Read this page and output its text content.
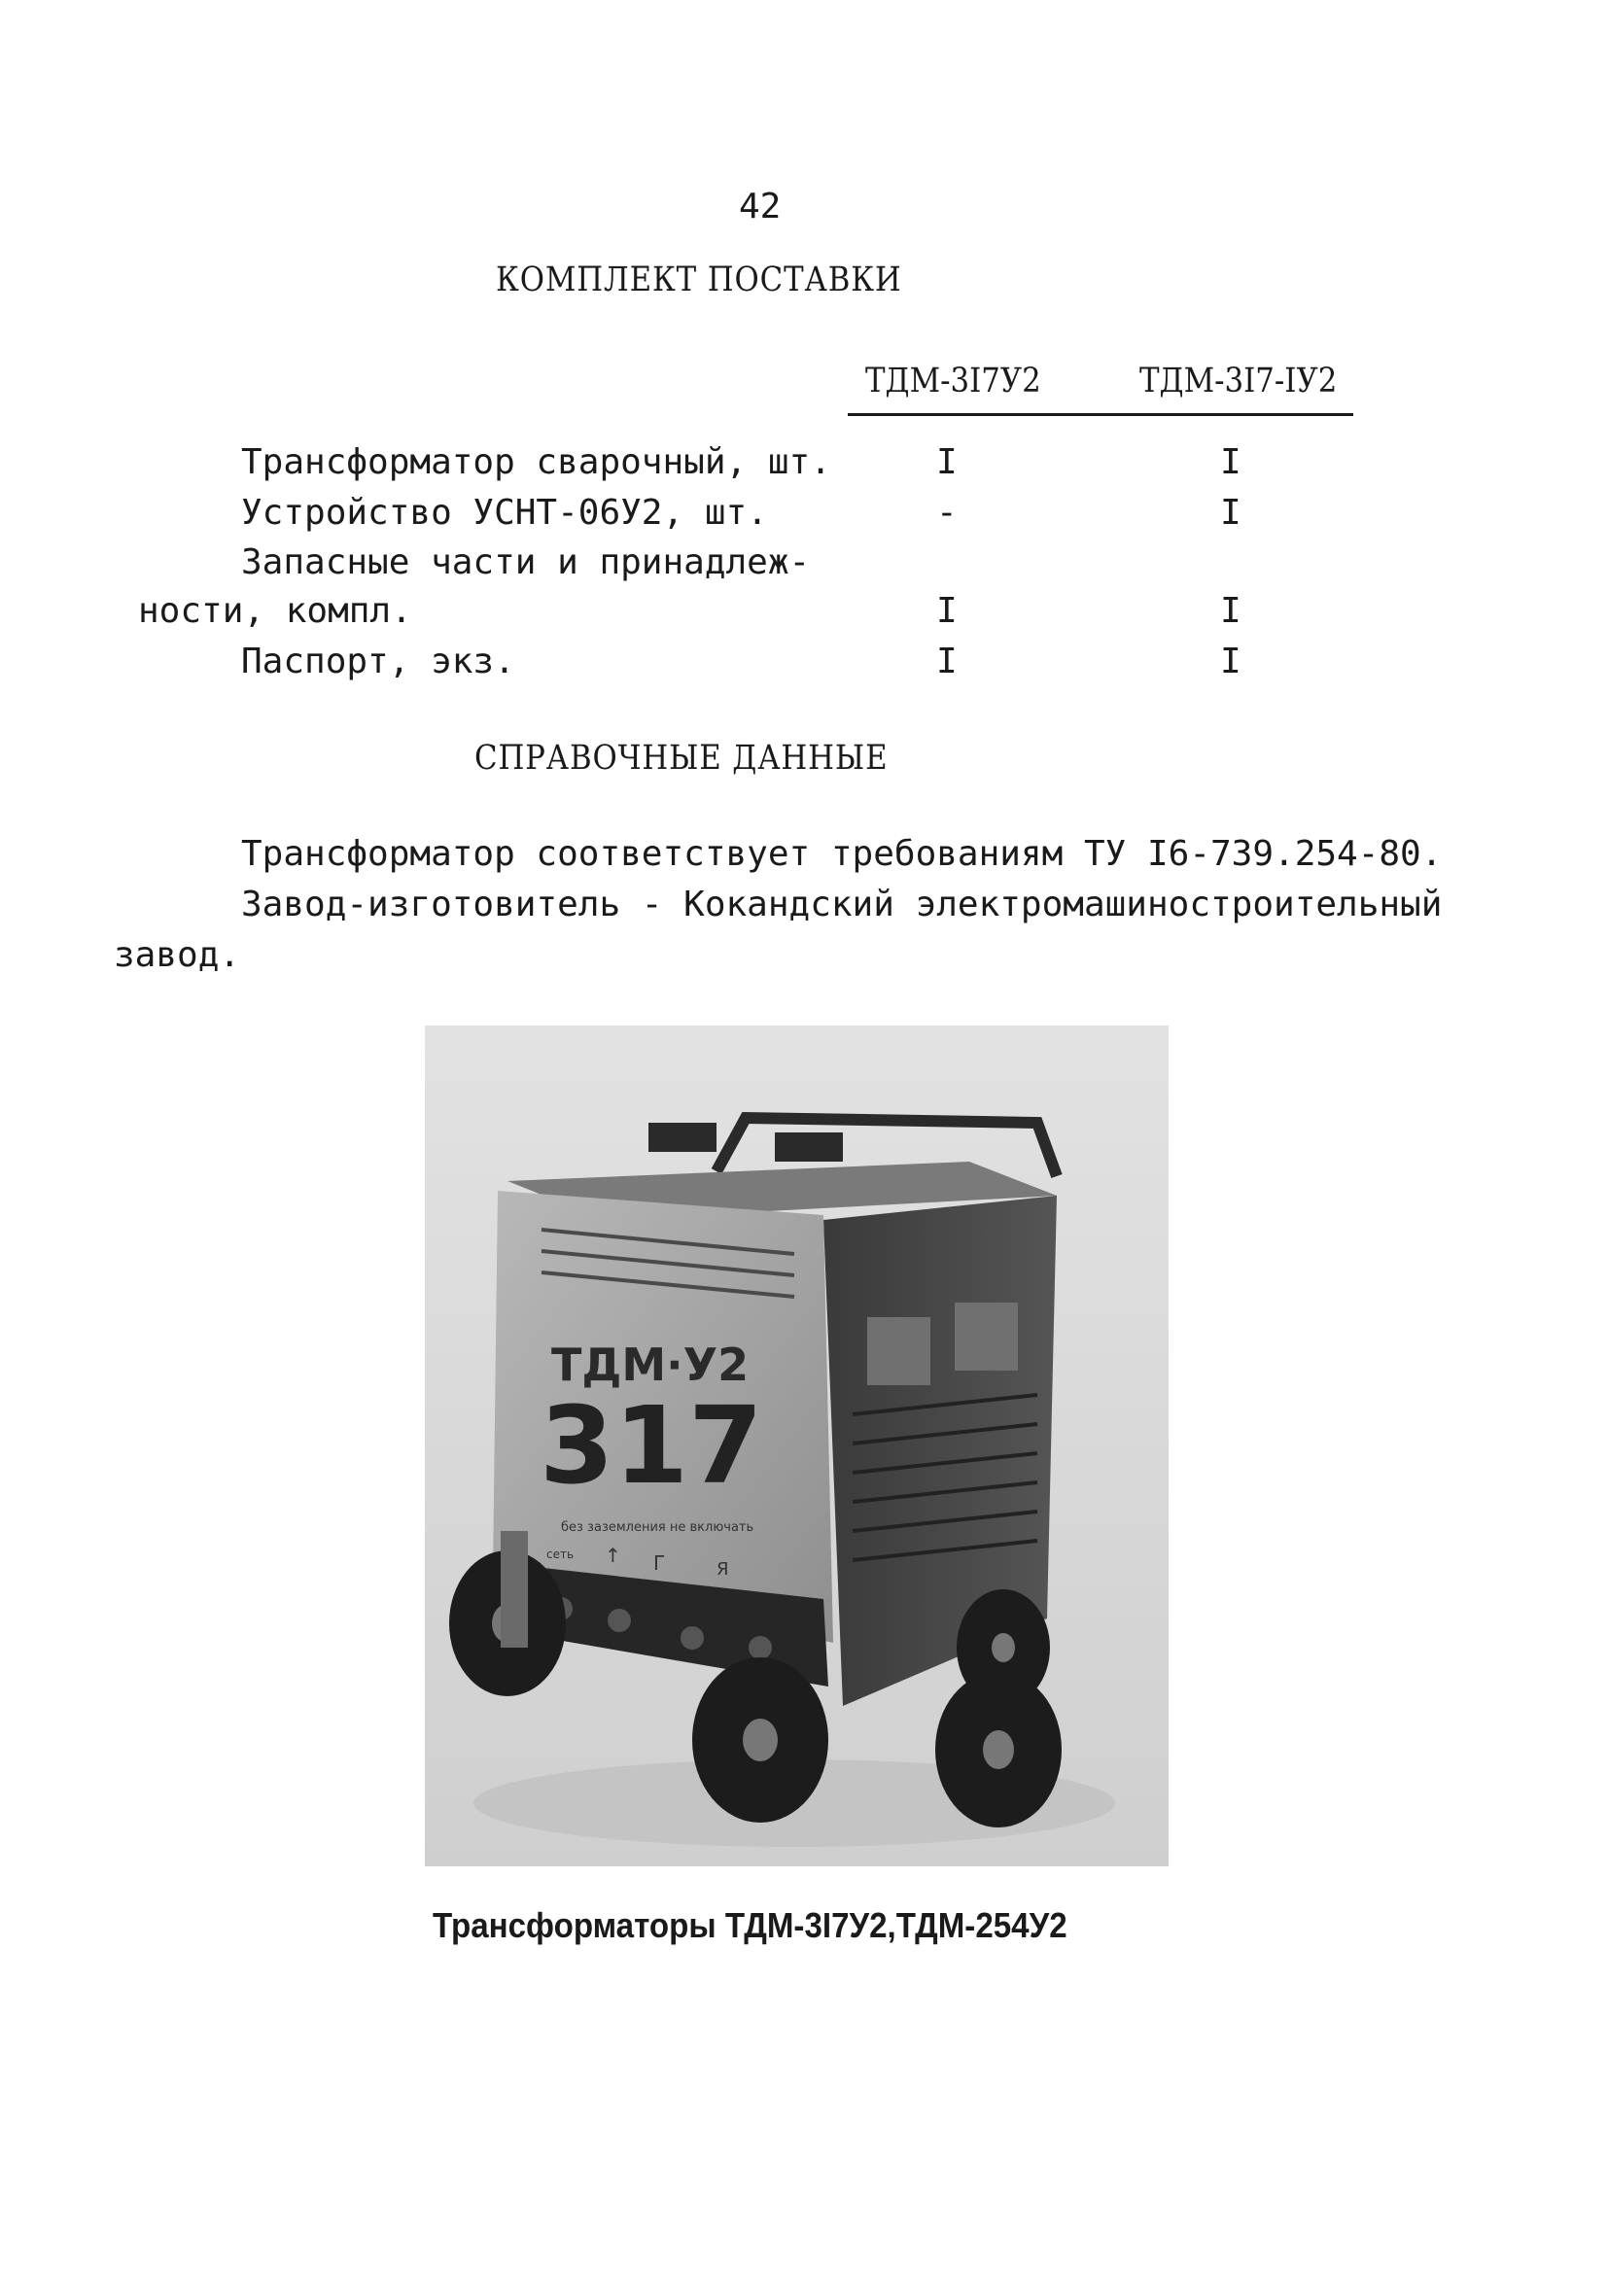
42
КОМПЛЕКТ ПОСТАВКИ
ТДМ-3I7У2	ТДМ-3I7-IУ2
Трансформатор сварочный, шт.	I	I
Устройство УСНТ-06У2, шт.	-	I
Запасные части и принадлеж-
ности, компл.	I	I
Паспорт, экз.	I	I
СПРАВОЧНЫЕ ДАННЫЕ
Трансформатор соответствует требованиям ТУ I6-739.254-80.
Завод-изготовитель - Кокандский электромашиностроительный
завод.
ТДМ·У2
317
без заземления не включать
сеть ↑ Г	Я
Трансформаторы ТДМ-3I7У2,ТДМ-254У2
